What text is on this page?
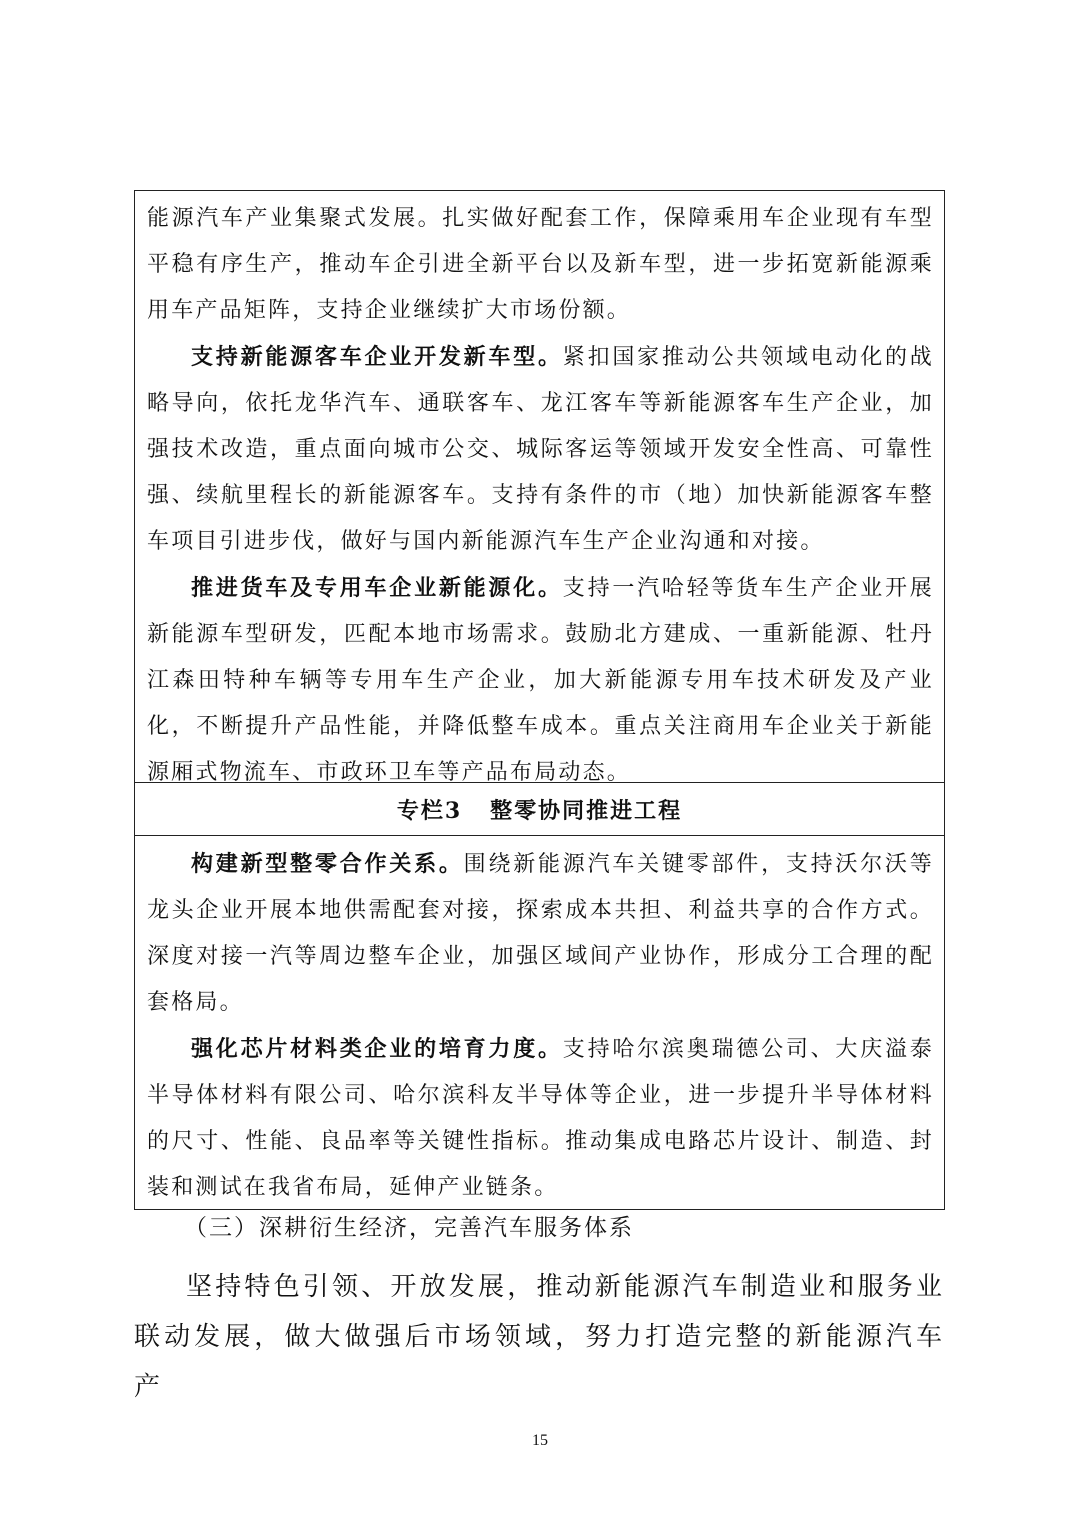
能源汽车产业集聚式发展。扎实做好配套工作，保障乘用车企业现有车型平稳有序生产，推动车企引进全新平台以及新车型，进一步拓宽新能源乘用车产品矩阵，支持企业继续扩大市场份额。

支持新能源客车企业开发新车型。紧扣国家推动公共领域电动化的战略导向，依托龙华汽车、通联客车、龙江客车等新能源客车生产企业，加强技术改造，重点面向城市公交、城际客运等领域开发安全性高、可靠性强、续航里程长的新能源客车。支持有条件的市（地）加快新能源客车整车项目引进步伐，做好与国内新能源汽车生产企业沟通和对接。

推进货车及专用车企业新能源化。支持一汽哈轻等货车生产企业开展新能源车型研发，匹配本地市场需求。鼓励北方建成、一重新能源、牡丹江森田特种车辆等专用车生产企业，加大新能源专用车技术研发及产业化，不断提升产品性能，并降低整车成本。重点关注商用车企业关于新能源厢式物流车、市政环卫车等产品布局动态。

专栏3 整零协同推进工程

构建新型整零合作关系。围绕新能源汽车关键零部件，支持沃尔沃等龙头企业开展本地供需配套对接，探索成本共担、利益共享的合作方式。深度对接一汽等周边整车企业，加强区域间产业协作，形成分工合理的配套格局。

强化芯片材料类企业的培育力度。支持哈尔滨奥瑞德公司、大庆溢泰半导体材料有限公司、哈尔滨科友半导体等企业，进一步提升半导体材料的尺寸、性能、良品率等关键性指标。推动集成电路芯片设计、制造、封装和测试在我省布局，延伸产业链条。

（三）深耕衍生经济，完善汽车服务体系

坚持特色引领、开放发展，推动新能源汽车制造业和服务业联动发展，做大做强后市场领域，努力打造完整的新能源汽车产

15
